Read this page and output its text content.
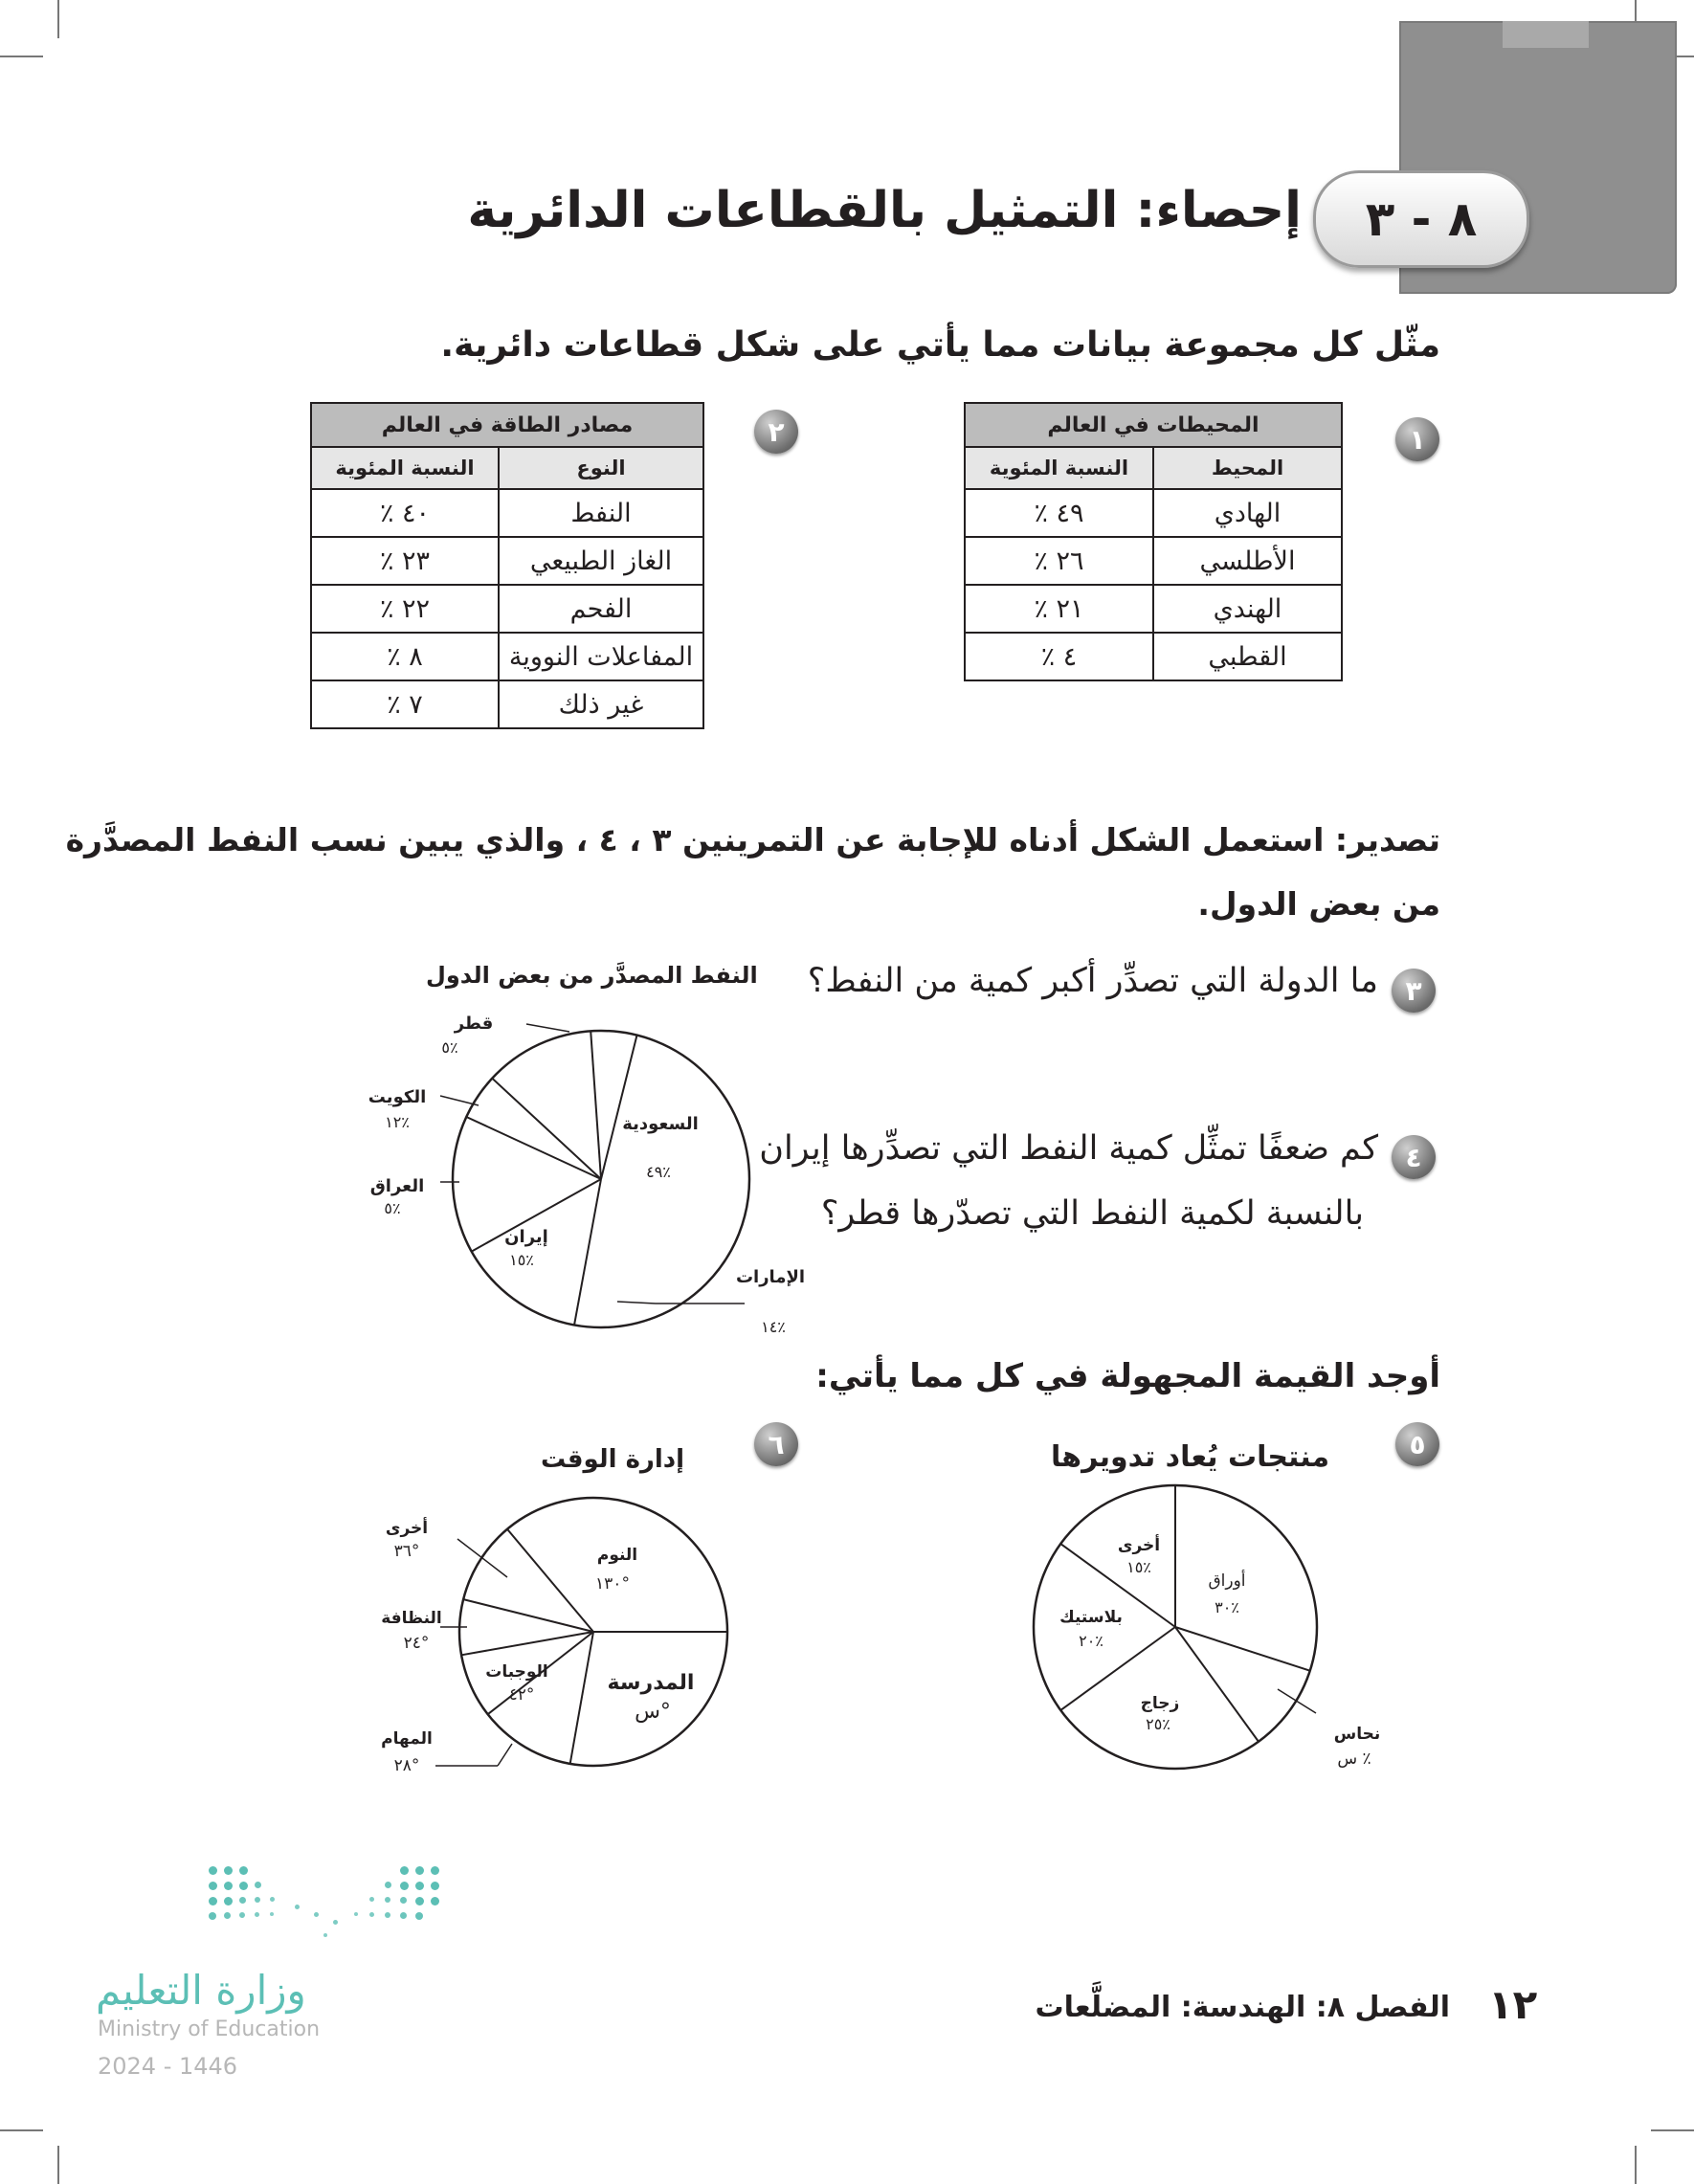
٨ - ٣
إحصاء: التمثيل بالقطاعات الدائرية
مثّل كل مجموعة بيانات مما يأتي على شكل قطاعات دائرية.
١
المحيطات في العالم	
المحيط	النسبة المئوية
الهادي	٤٩ ٪
الأطلسي	٢٦ ٪
الهندي	٢١ ٪
القطبي	٤ ٪
٢
مصادر الطاقة في العالم	
النوع	النسبة المئوية
النفط	٤٠ ٪
الغاز الطبيعي	٢٣ ٪
الفحم	٢٢ ٪
المفاعلات النووية	٨ ٪
غير ذلك	٧ ٪
تصدير: استعمل الشكل أدناه للإجابة عن التمرينين ٣ ، ٤ ، والذي يبين نسب النفط المصدَّرة
من بعض الدول.
٣
ما الدولة التي تصدِّر أكبر كمية من النفط؟
٤
كم ضعفًا تمثِّل كمية النفط التي تصدِّرها إيران
بالنسبة لكمية النفط التي تصدّرها قطر؟
النفط المصدَّر من بعض الدول
قطر
٥٪
الكويت
١٢٪
العراق
٥٪
إيران
١٥٪
السعودية
٤٩٪
الإمارات
١٤٪
أوجد القيمة المجهولة في كل مما يأتي:
٥
منتجات يُعاد تدويرها
أوراق
٣٠٪
أخرى
١٥٪
بلاستيك
٢٠٪
زجاج
٢٥٪
نحاس
س ٪
٦
إدارة الوقت
النوم
١٣٠°
المدرسة
س°
الوجبات
٤٢°
أخرى
٣٦°
النظافة
٢٤°
المهام
٢٨°
وزارة التعليم
Ministry of Education
2024 - 1446
الفصل ٨: الهندسة: المضلَّعات ١٢
